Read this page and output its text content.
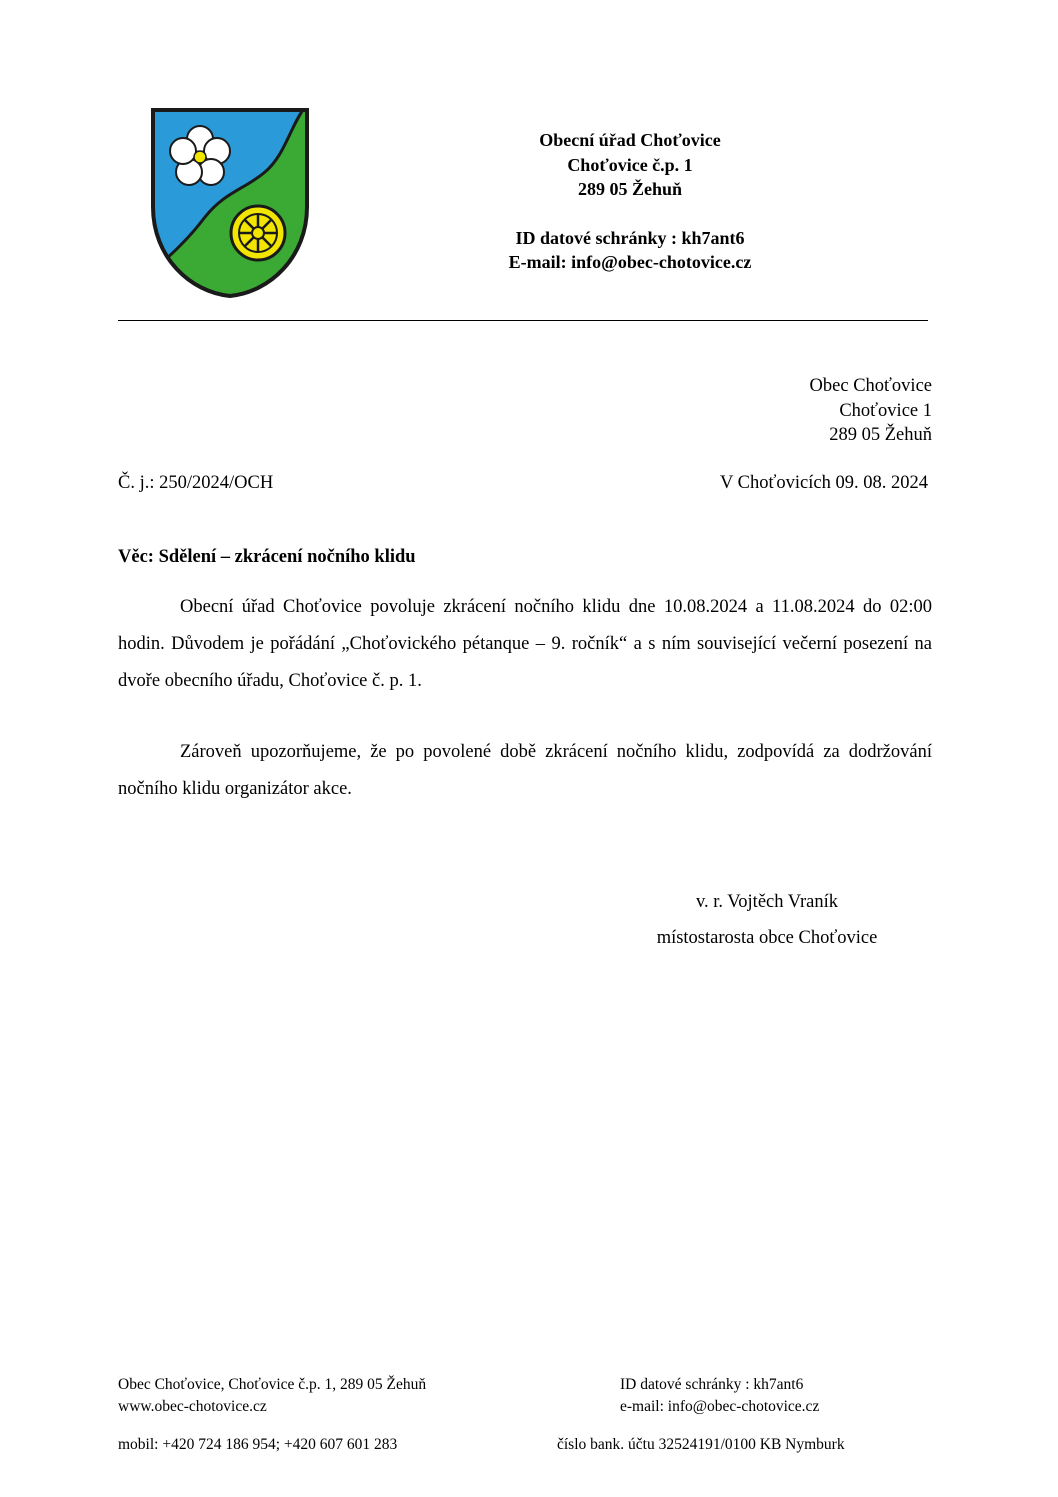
Obecní úřad Choťovice
Choťovice č.p. 1
289 05 Žehuň
ID datové schránky : kh7ant6
E-mail: info@obec-chotovice.cz
Obec Choťovice
Choťovice 1
289 05 Žehuň
Č. j.: 250/2024/OCH	V Choťovicích 09. 08. 2024
Věc: Sdělení – zkrácení nočního klidu
Obecní úřad Choťovice povoluje zkrácení nočního klidu dne 10.08.2024 a 11.08.2024 do 02:00 hodin. Důvodem je pořádání „Choťovického pétanque – 9. ročník“ a s ním související večerní posezení na dvoře obecního úřadu, Choťovice č. p. 1.
Zároveň upozorňujeme, že po povolené době zkrácení nočního klidu, zodpovídá za dodržování nočního klidu organizátor akce.
v. r. Vojtěch Vraník
místostarosta obce Choťovice
Obec Choťovice, Choťovice č.p. 1, 289 05 Žehuň
www.obec-chotovice.cz
ID datové schránky : kh7ant6
e-mail: info@obec-chotovice.cz
mobil: +420 724 186 954; +420 607 601 283	číslo bank. účtu 32524191/0100 KB Nymburk
